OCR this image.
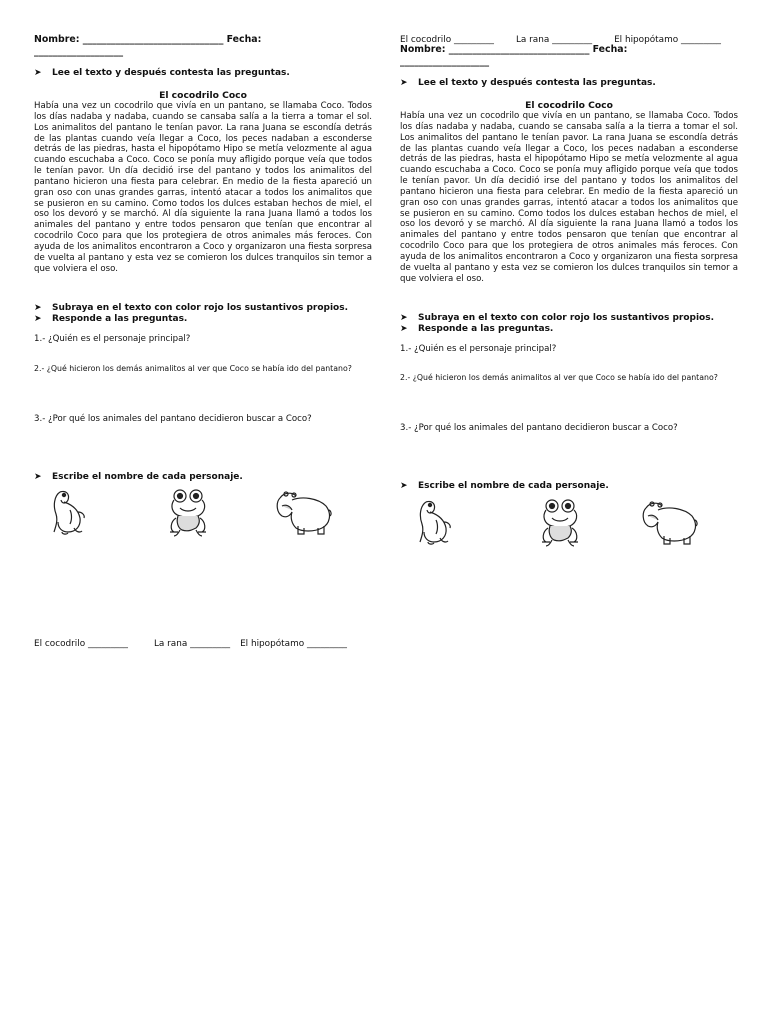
Nombre: ______________________________ Fecha:
___________________
➤ Lee el texto y después contesta las preguntas.
El cocodrilo Coco
Había una vez un cocodrilo que vivía en un pantano, se llamaba Coco. Todos los días nadaba y nadaba, cuando se cansaba salía a la tierra a tomar el sol. Los animalitos del pantano le tenían pavor. La rana Juana se escondía detrás de las plantas cuando veía llegar a Coco, los peces nadaban a esconderse detrás de las piedras, hasta el hipopótamo Hipo se metía velozmente al agua cuando escuchaba a Coco. Coco se ponía muy afligido porque veía que todos le tenían pavor. Un día decidió irse del pantano y todos los animalitos del pantano hicieron una fiesta para celebrar. En medio de la fiesta apareció un gran oso con unas grandes garras, intentó atacar a todos los animalitos que se pusieron en su camino. Como todos los dulces estaban hechos de miel, el oso los devoró y se marchó. Al día siguiente la rana Juana llamó a todos los animales del pantano y entre todos pensaron que tenían que encontrar al cocodrilo Coco para que los protegiera de otros animales más feroces. Con ayuda de los animalitos encontraron a Coco y organizaron una fiesta sorpresa de vuelta al pantano y esta vez se comieron los dulces tranquilos sin temor a que volviera el oso.
➤ Subraya en el texto con color rojo los sustantivos propios.
➤ Responde a las preguntas.
1.- ¿Quién es el personaje principal?
2.- ¿Qué hicieron los demás animalitos al ver que Coco se había ido del pantano?
3.- ¿Por qué los animales del pantano decidieron buscar a Coco?
➤ Escribe el nombre de cada personaje.
El cocodrilo _________	La rana _________ El hipopótamo _________
El cocodrilo _________ La rana _________ El hipopótamo _________
Nombre: ______________________________ Fecha:
___________________
➤ Lee el texto y después contesta las preguntas.
El cocodrilo Coco
Había una vez un cocodrilo que vivía en un pantano, se llamaba Coco. Todos los días nadaba y nadaba, cuando se cansaba salía a la tierra a tomar el sol. Los animalitos del pantano le tenían pavor. La rana Juana se escondía detrás de las plantas cuando veía llegar a Coco, los peces nadaban a esconderse detrás de las piedras, hasta el hipopótamo Hipo se metía velozmente al agua cuando escuchaba a Coco. Coco se ponía muy afligido porque veía que todos le tenían pavor. Un día decidió irse del pantano y todos los animalitos del pantano hicieron una fiesta para celebrar. En medio de la fiesta apareció un gran oso con unas grandes garras, intentó atacar a todos los animalitos que se pusieron en su camino. Como todos los dulces estaban hechos de miel, el oso los devoró y se marchó. Al día siguiente la rana Juana llamó a todos los animales del pantano y entre todos pensaron que tenían que encontrar al cocodrilo Coco para que los protegiera de otros animales más feroces. Con ayuda de los animalitos encontraron a Coco y organizaron una fiesta sorpresa de vuelta al pantano y esta vez se comieron los dulces tranquilos sin temor a que volviera el oso.
➤ Subraya en el texto con color rojo los sustantivos propios.
➤ Responde a las preguntas.
1.- ¿Quién es el personaje principal?
2.- ¿Qué hicieron los demás animalitos al ver que Coco se había ido del pantano?
3.- ¿Por qué los animales del pantano decidieron buscar a Coco?
➤ Escribe el nombre de cada personaje.
